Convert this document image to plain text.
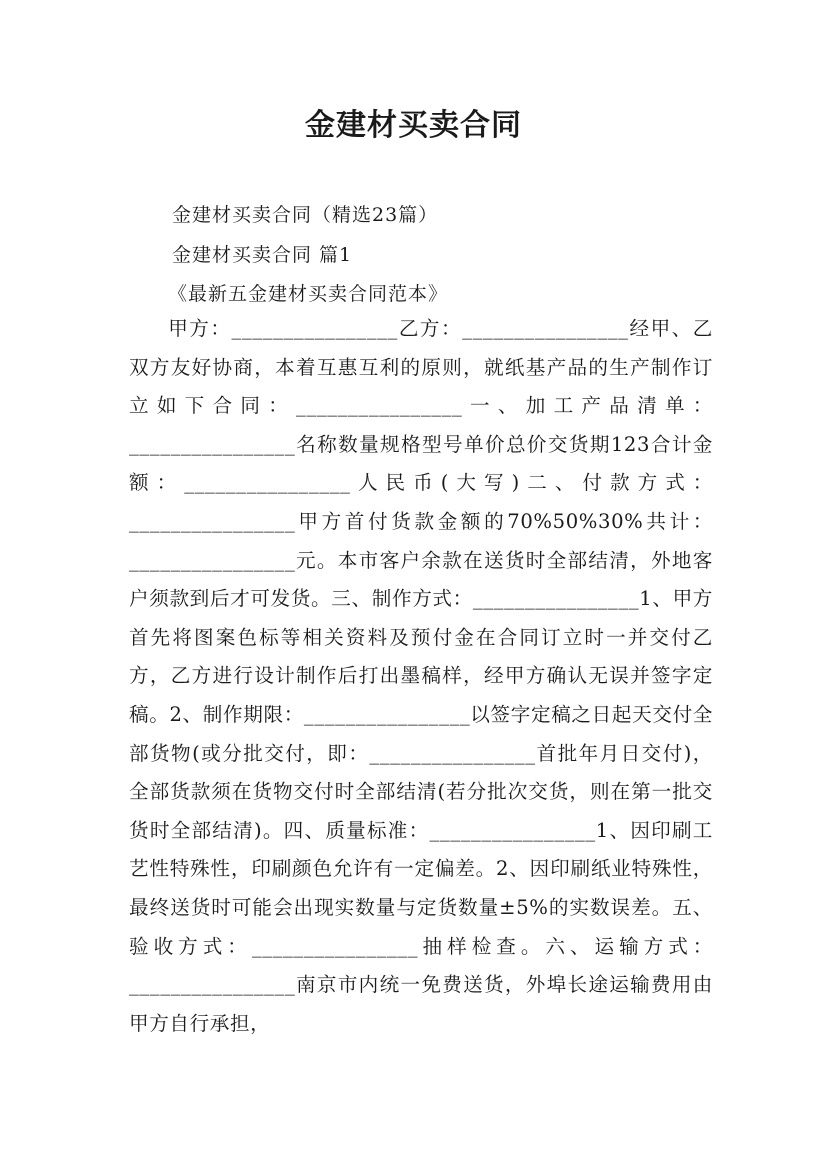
金建材买卖合同
金建材买卖合同（精选23篇）
金建材买卖合同 篇1
《最新五金建材买卖合同范本》

甲方：________________乙方：________________经甲、乙双方友好协商，本着互惠互利的原则，就纸基产品的生产制作订立如下合同：________________一、加工产品清单：________________名称数量规格型号单价总价交货期123合计金额：________________人民币(大写)二、付款方式：________________甲方首付货款金额的70%50%30%共计：________________元。本市客户余款在送货时全部结清，外地客户须款到后才可发货。三、制作方式：________________1、甲方首先将图案色标等相关资料及预付金在合同订立时一并交付乙方，乙方进行设计制作后打出墨稿样，经甲方确认无误并签字定稿。2、制作期限：________________以签字定稿之日起天交付全部货物(或分批交付，即：________________首批年月日交付)，全部货款须在货物交付时全部结清(若分批次交货，则在第一批交货时全部结清)。四、质量标准：________________1、因印刷工艺性特殊性，印刷颜色允许有一定偏差。2、因印刷纸业特殊性，最终送货时可能会出现实数量与定货数量±5%的实数误差。五、验收方式：________________抽样检查。六、运输方式：________________南京市内统一免费送货，外埠长途运输费用由甲方自行承担，
